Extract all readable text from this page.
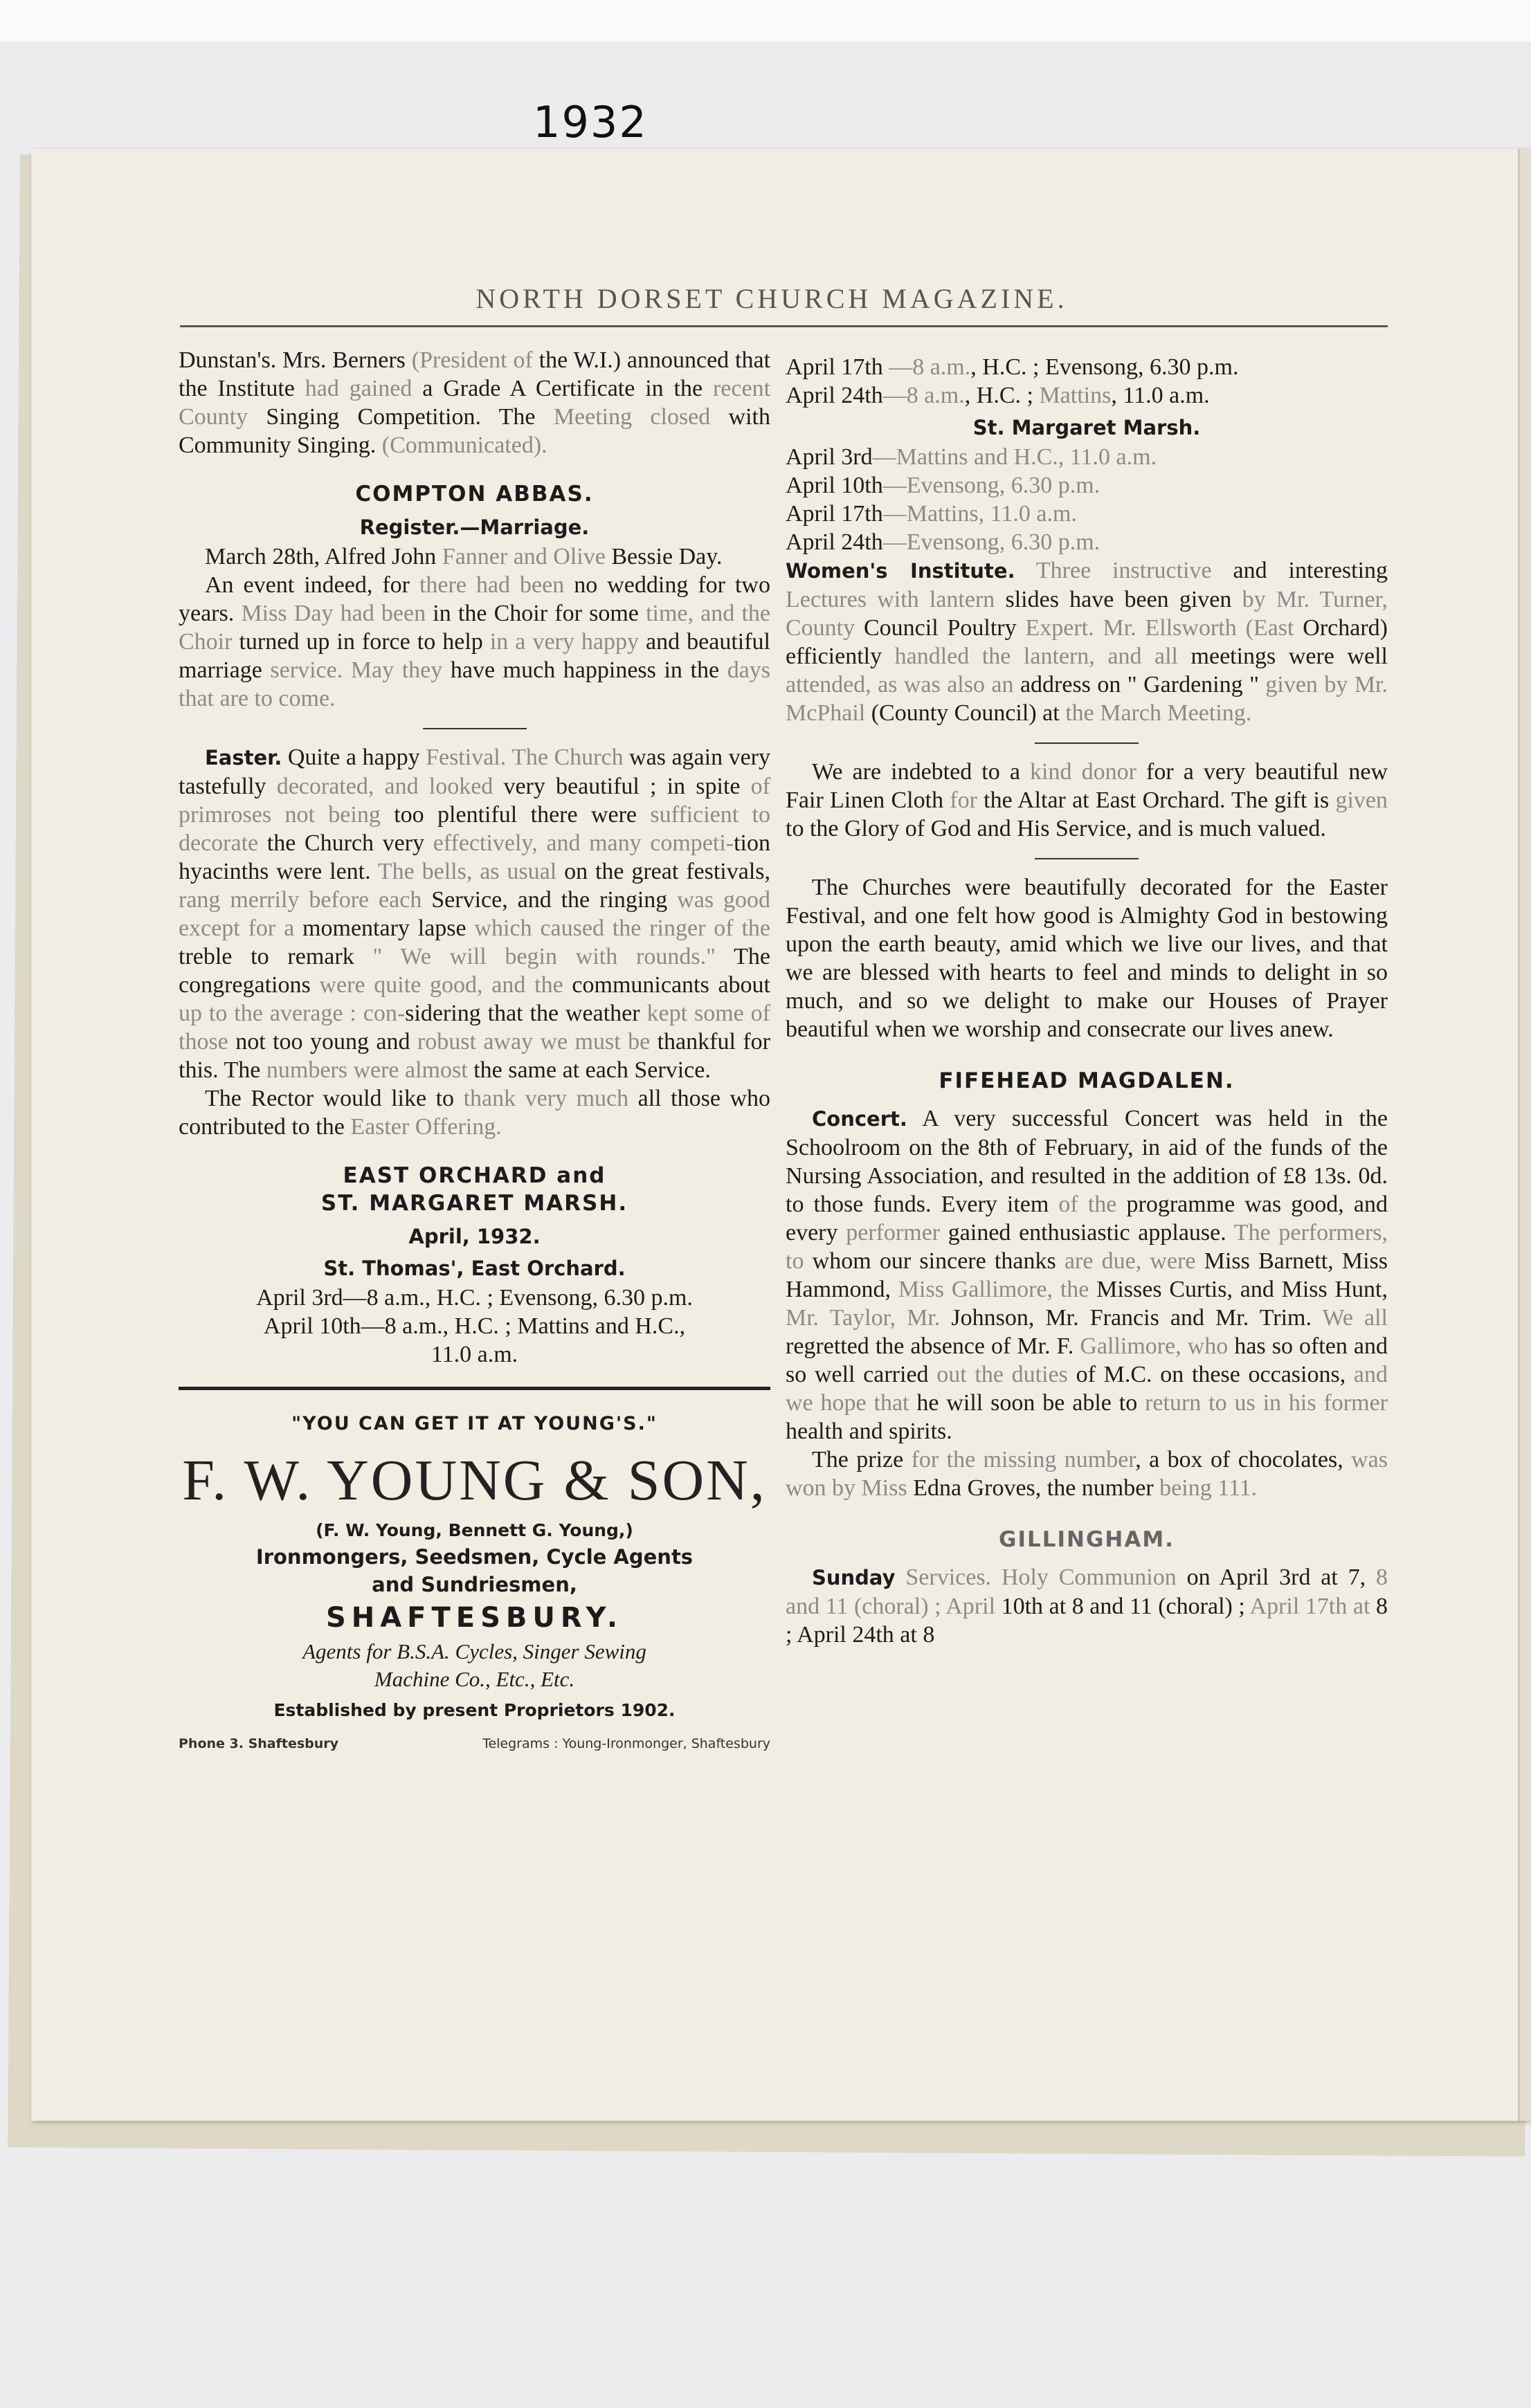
1932
NORTH DORSET CHURCH MAGAZINE.

Dunstan's. Mrs. Berners (President of the W.I.) announced that the Institute had gained a Grade A Certificate in the recent County Singing Competition. The Meeting closed with Community Singing. (Communicated).

COMPTON ABBAS.
Register.—Marriage.

March 28th, Alfred John Fanner and Olive Bessie Day.

An event indeed, for there had been no wedding for two years. Miss Day had been in the Choir for some time, and the Choir turned up in force to help in a very happy and beautiful marriage service. May they have much happiness in the days that are to come.

Easter. Quite a happy Festival. The Church was again very tastefully decorated, and looked very beautiful ; in spite of primroses not being too plentiful there were sufficient to decorate the Church very effectively, and many competi-tion hyacinths were lent. The bells, as usual on the great festivals, rang merrily before each Service, and the ringing was good except for a momentary lapse which caused the ringer of the treble to remark " We will begin with rounds." The congregations were quite good, and the communicants about up to the average : con-sidering that the weather kept some of those not too young and robust away we must be thankful for this. The numbers were almost the same at each Service.

The Rector would like to thank very much all those who contributed to the Easter Offering.

EAST ORCHARD and
ST. MARGARET MARSH.
April, 1932.
St. Thomas', East Orchard.

April 3rd—8 a.m., H.C. ; Evensong, 6.30 p.m.

April 10th—8 a.m., H.C. ; Mattins and H.C.,

11.0 a.m.

"YOU CAN GET IT AT YOUNG'S."
F. W. YOUNG & SON,
(F. W. Young, Bennett G. Young,)
Ironmongers, Seedsmen, Cycle Agents
and Sundriesmen,
SHAFTESBURY.
Agents for B.S.A. Cycles, Singer Sewing
Machine Co., Etc., Etc.
Established by present Proprietors 1902.
Phone 3. Shaftesbury	Telegrams : Young-Ironmonger, Shaftesbury

April 17th —8 a.m., H.C. ; Evensong, 6.30 p.m.

April 24th—8 a.m., H.C. ; Mattins, 11.0 a.m.

St. Margaret Marsh.

April 3rd—Mattins and H.C., 11.0 a.m.

April 10th—Evensong, 6.30 p.m.

April 17th—Mattins, 11.0 a.m.

April 24th—Evensong, 6.30 p.m.

Women's Institute. Three instructive and interesting Lectures with lantern slides have been given by Mr. Turner, County Council Poultry Expert. Mr. Ellsworth (East Orchard) efficiently handled the lantern, and all meetings were well attended, as was also an address on " Gardening " given by Mr. McPhail (County Council) at the March Meeting.

We are indebted to a kind donor for a very beautiful new Fair Linen Cloth for the Altar at East Orchard. The gift is given to the Glory of God and His Service, and is much valued.

The Churches were beautifully decorated for the Easter Festival, and one felt how good is Almighty God in bestowing upon the earth beauty, amid which we live our lives, and that we are blessed with hearts to feel and minds to delight in so much, and so we delight to make our Houses of Prayer beautiful when we worship and consecrate our lives anew.

FIFEHEAD MAGDALEN.

Concert. A very successful Concert was held in the Schoolroom on the 8th of February, in aid of the funds of the Nursing Association, and resulted in the addition of £8 13s. 0d. to those funds. Every item of the programme was good, and every performer gained enthusiastic applause. The performers, to whom our sincere thanks are due, were Miss Barnett, Miss Hammond, Miss Gallimore, the Misses Curtis, and Miss Hunt, Mr. Taylor, Mr. Johnson, Mr. Francis and Mr. Trim. We all regretted the absence of Mr. F. Gallimore, who has so often and so well carried out the duties of M.C. on these occasions, and we hope that he will soon be able to return to us in his former health and spirits.

The prize for the missing number, a box of chocolates, was won by Miss Edna Groves, the number being 111.

GILLINGHAM.

Sunday Services. Holy Communion on April 3rd at 7, 8 and 11 (choral) ; April 10th at 8 and 11 (choral) ; April 17th at 8 ; April 24th at 8
